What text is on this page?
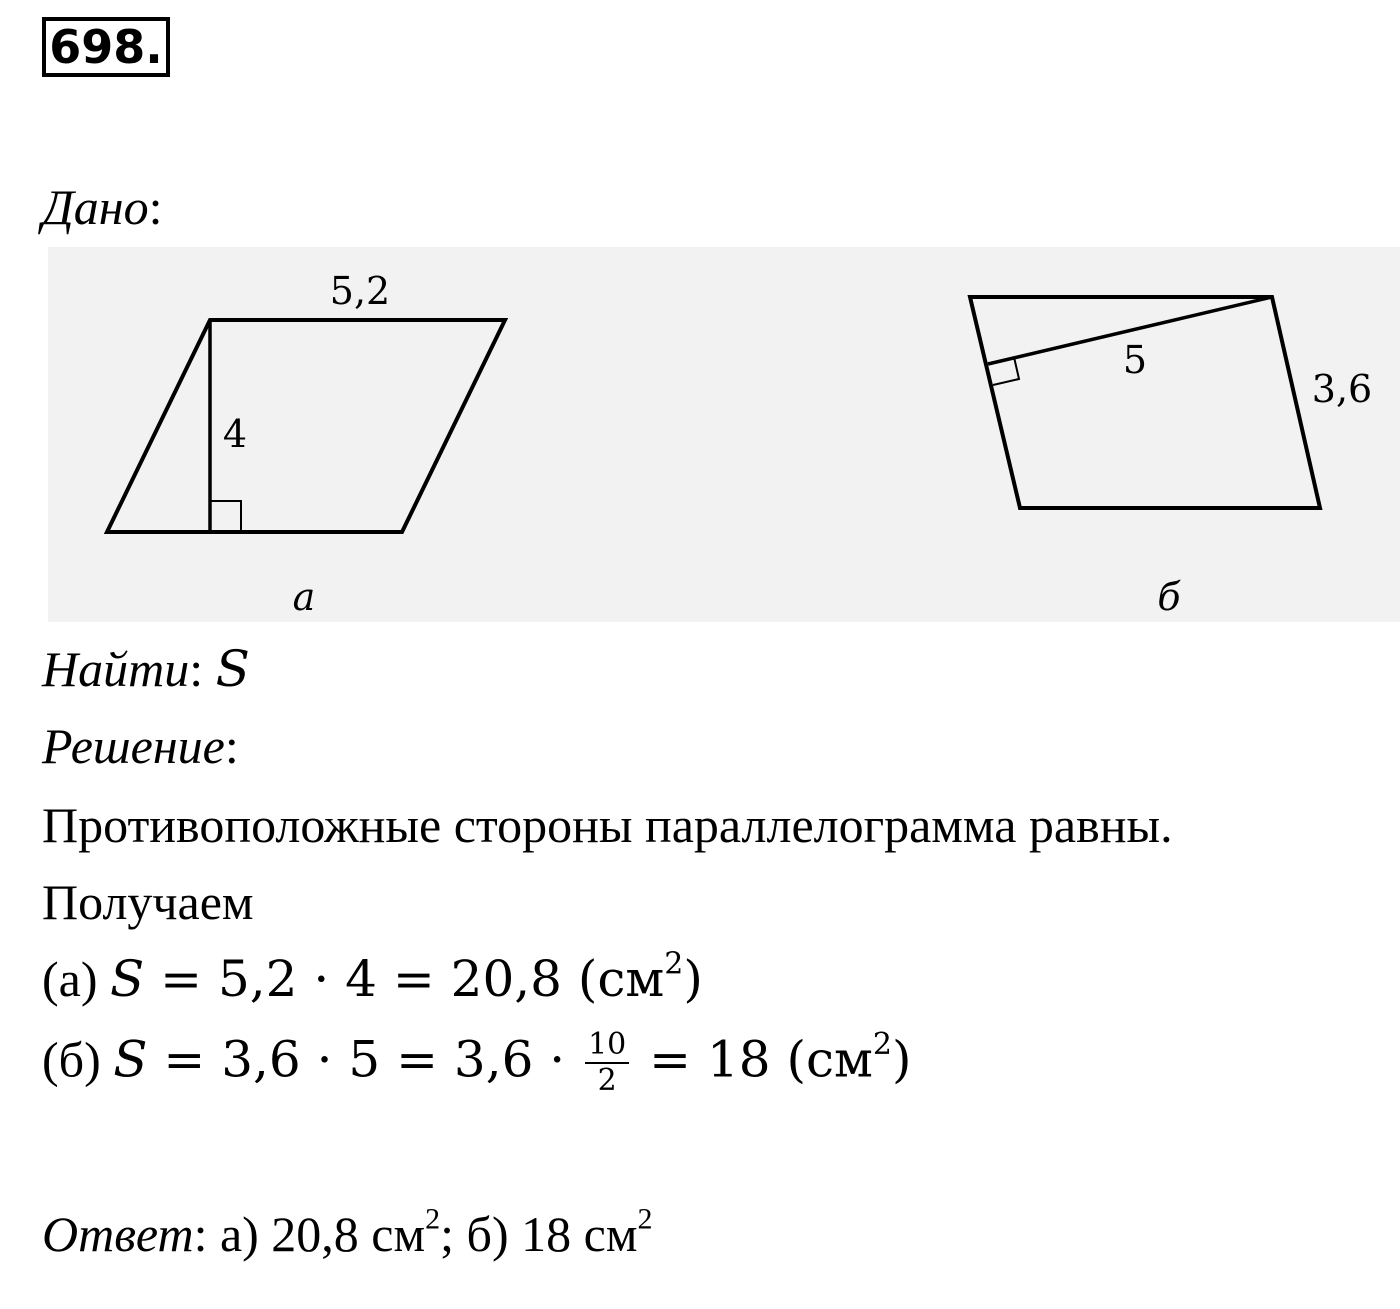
698.
Дано:
5,2
4
а
5
3,6
б
Найти: S
Решение:
Противоположные стороны параллелограмма равны.
Получаем
(а) S = 5,2 · 4 = 20,8 $(см^2)$
(б) $S = 3,6 \cdot 5 = 3,6 \cdot \frac{10}{2} = 18$ $(см^2)$
Ответ: а) 20,8 $см^2$; б) 18 $см^2$
